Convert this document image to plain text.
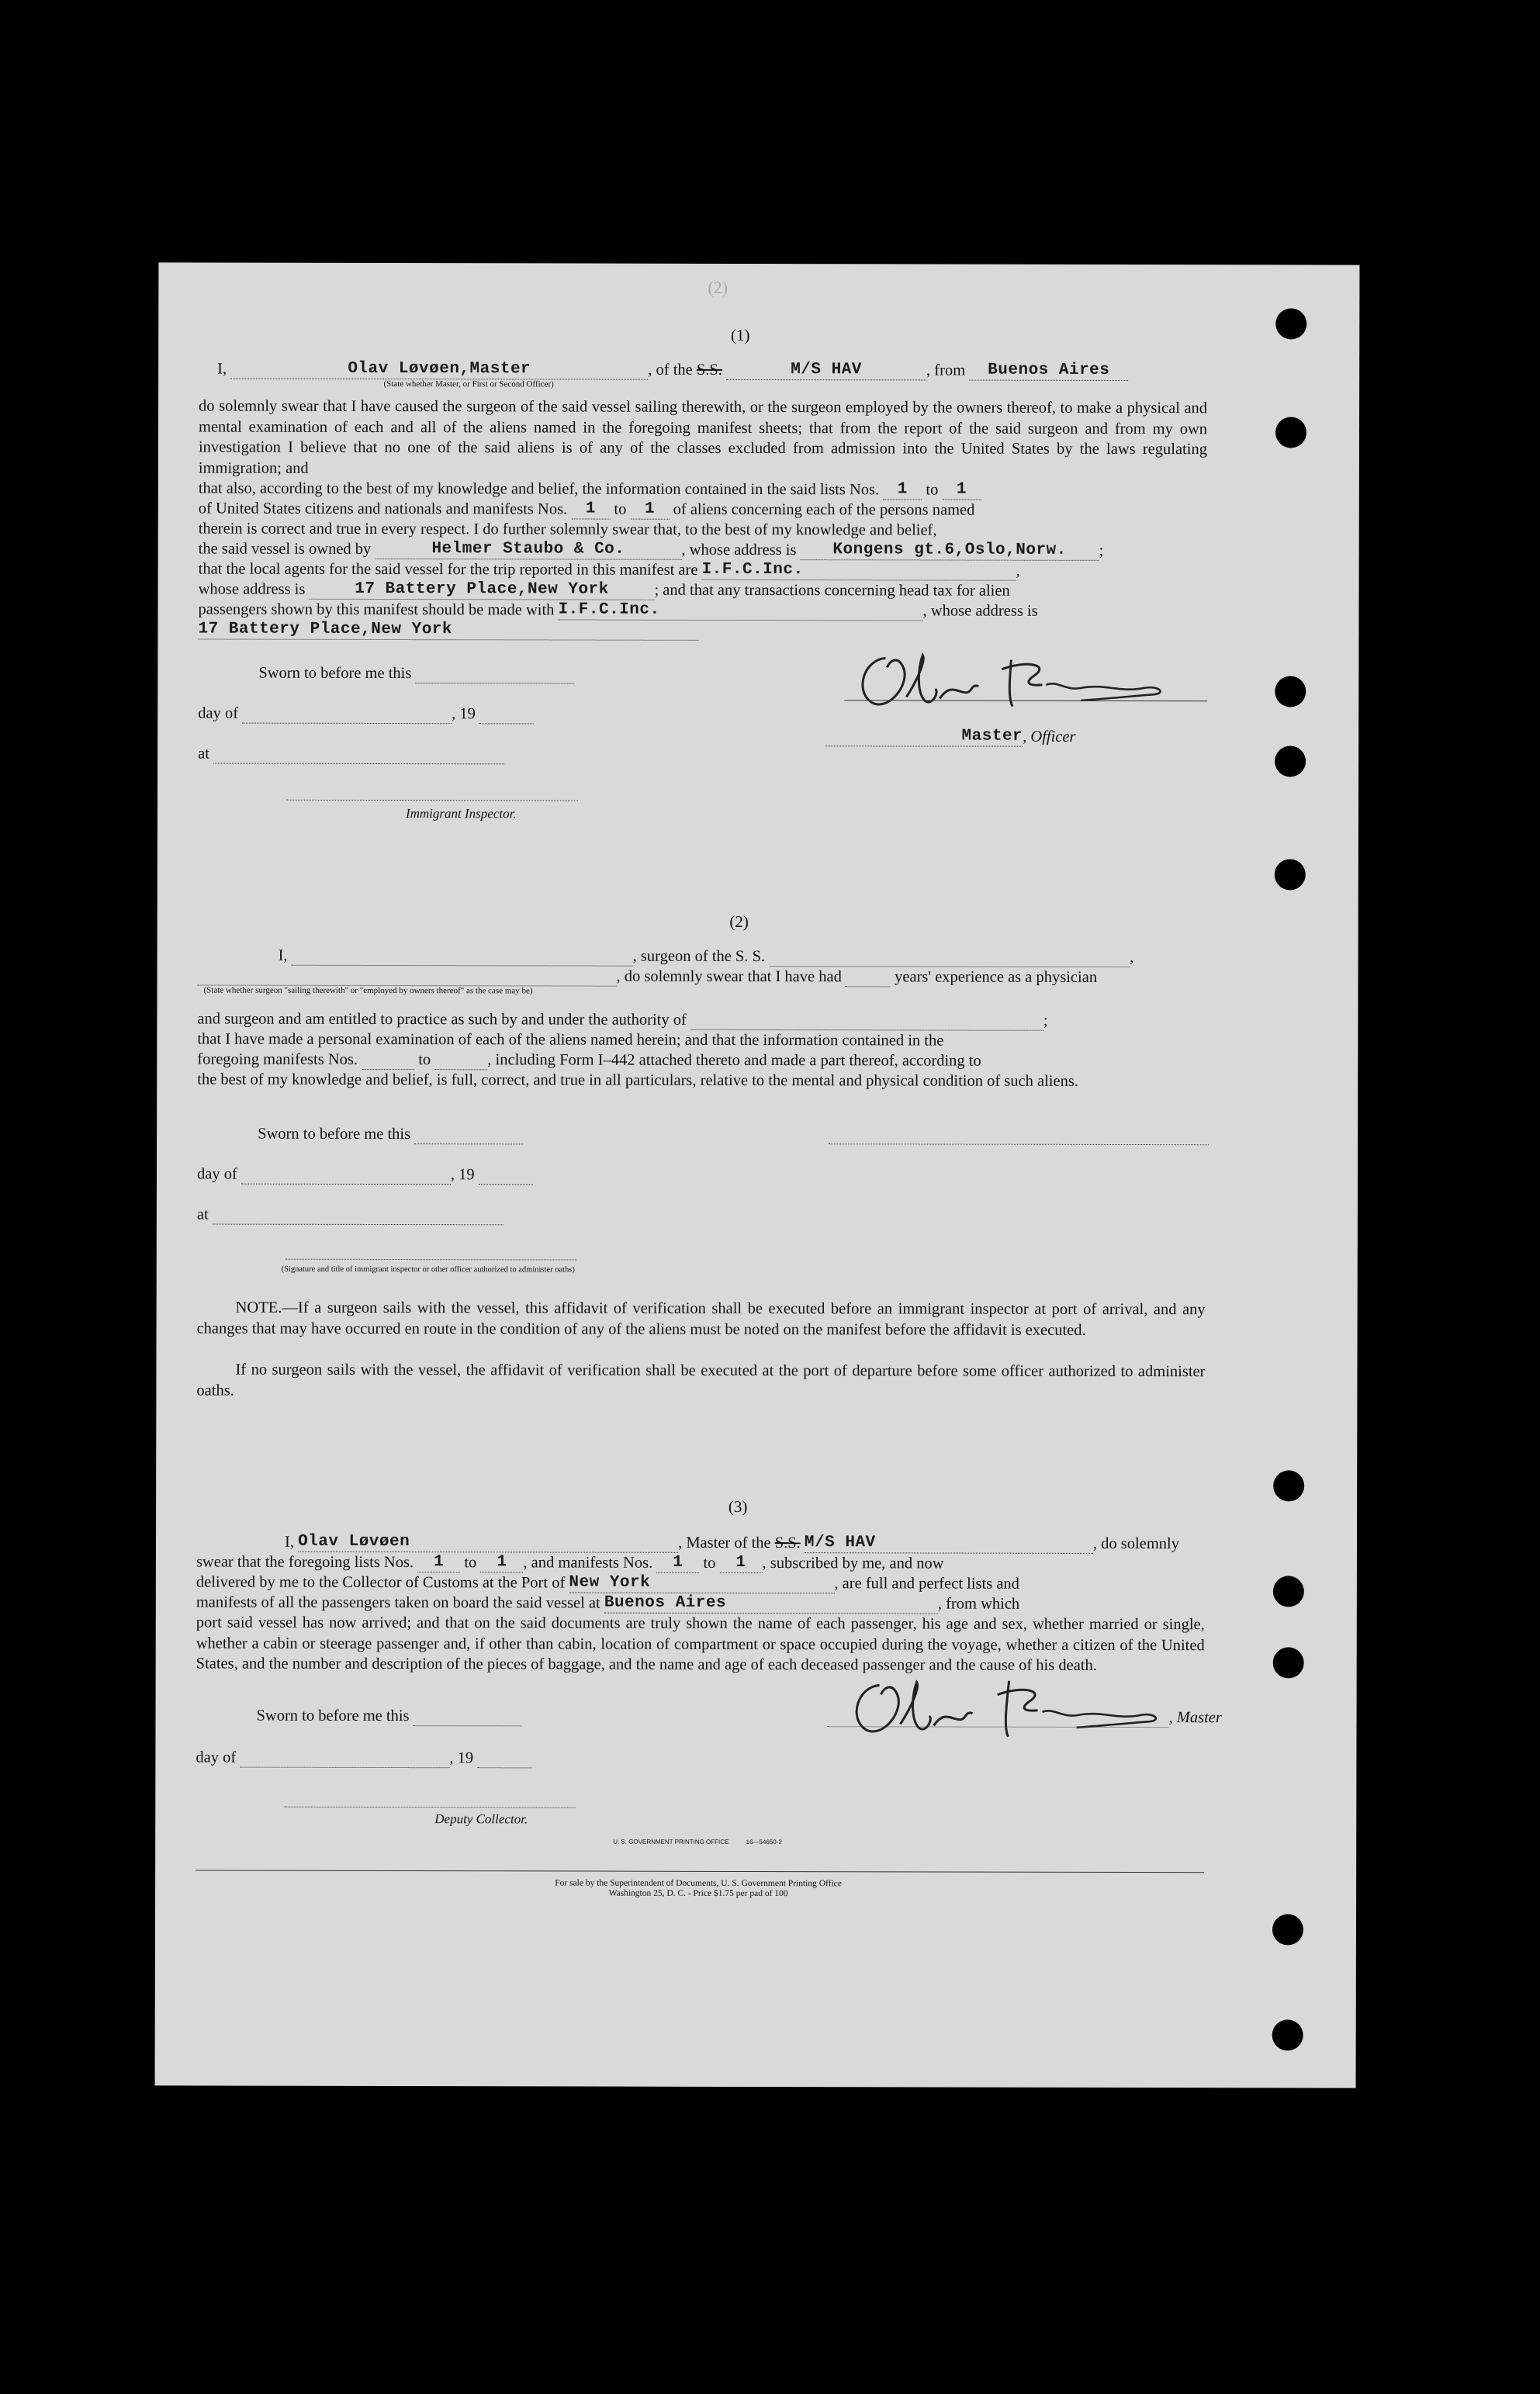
(2)
(1)
I,	Olav Løvøen,Master	, of the S.S.	M/S HAV	, from Buenos Aires
(State whether Master, or First or Second Officer)
do solemnly swear that I have caused the surgeon of the said vessel sailing therewith, or the surgeon employed by the owners thereof, to make a physical and mental examination of each and all of the aliens named in the foregoing manifest sheets; that from the report of the said surgeon and from my own investigation I believe that no one of the said aliens is of any of the classes excluded from admission into the United States by the laws regulating immigration; and
that also, according to the best of my knowledge and belief, the information contained in the said lists Nos. 1 to 1
of United States citizens and nationals and manifests Nos. 1 to 1 of aliens concerning each of the persons named
therein is correct and true in every respect. I do further solemnly swear that, to the best of my knowledge and belief,
the said vessel is owned by	Helmer Staubo & Co.	, whose address is Kongens gt.6,Oslo,Norw. ;
that the local agents for the said vessel for the trip reported in this manifest are I.F.C.Inc.	,
whose address is	17 Battery Place,New York	; and that any transactions concerning head tax for alien
passengers shown by this manifest should be made with I.F.C.Inc.	, whose address is
17 Battery Place,New York
Sworn to before me this
day of	, 19
at
Immigrant Inspector.
Master, Officer
(2)
I,	, surgeon of the S. S.	,
, do solemnly swear that I have had	years' experience as a physician
(State whether surgeon "sailing therewith" or "employed by owners thereof" as the case may be)
and surgeon and am entitled to practice as such by and under the authority of	;
that I have made a personal examination of each of the aliens named herein; and that the information contained in the
foregoing manifests Nos.	to	, including Form I–442 attached thereto and made a part thereof, according to
the best of my knowledge and belief, is full, correct, and true in all particulars, relative to the mental and physical condition of such aliens.
Sworn to before me this
day of	, 19
at
(Signature and title of immigrant inspector or other officer authorized to administer oaths)
NOTE.—If a surgeon sails with the vessel, this affidavit of verification shall be executed before an immigrant inspector at port of arrival, and any changes that may have occurred en route in the condition of any of the aliens must be noted on the manifest before the affidavit is executed.
If no surgeon sails with the vessel, the affidavit of verification shall be executed at the port of departure before some officer authorized to administer oaths.
(3)
I, Olav Løvøen	, Master of the S.S. M/S HAV	, do solemnly
swear that the foregoing lists Nos. 1 to 1 , and manifests Nos. 1 to 1 , subscribed by me, and now
delivered by me to the Collector of Customs at the Port of New York	, are full and perfect lists and
manifests of all the passengers taken on board the said vessel at Buenos Aires	, from which
port said vessel has now arrived; and that on the said documents are truly shown the name of each passenger, his age and sex, whether married or single, whether a cabin or steerage passenger and, if other than cabin, location of compartment or space occupied during the voyage, whether a citizen of the United States, and the number and description of the pieces of baggage, and the name and age of each deceased passenger and the cause of his death.
Sworn to before me this	, Master
day of	, 19
Deputy Collector.
U. S. GOVERNMENT PRINTING OFFICE          16—54650-2
For sale by the Superintendent of Documents, U. S. Government Printing Office
Washington 25, D. C. - Price $1.75 per pad of 100
